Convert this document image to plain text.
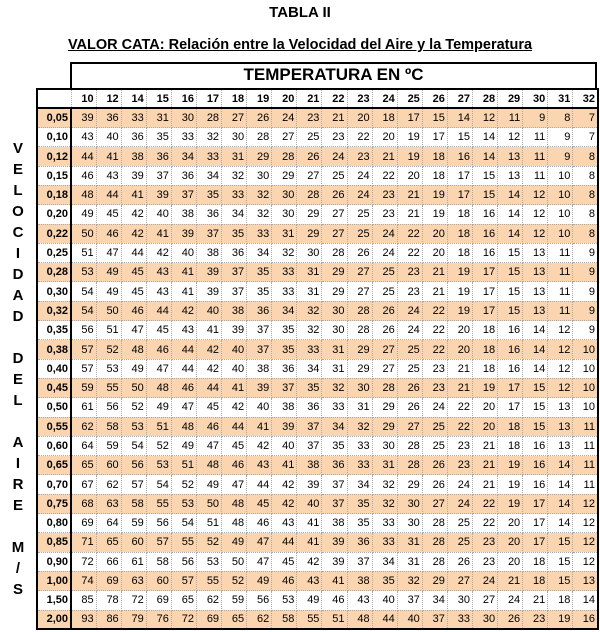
TABLA II
VALOR CATA: Relación entre la Velocidad del Aire y la Temperatura
TEMPERATURA EN ºC
V
E
L
O
C
I
D
A
D
D
E
L
A
I
R
E
M
/
S
	10	12	14	15	16	17	18	19	20	21	22	23	24	25	26	27	28	29	30	31	32
0,05	39	36	33	31	30	28	27	26	24	23	21	20	18	17	15	14	12	11	9	8	7
0,10	43	40	36	35	33	32	30	28	27	25	23	22	20	19	17	15	14	12	11	9	7
0,12	44	41	38	36	34	33	31	29	28	26	24	23	21	19	18	16	14	13	11	9	8
0,15	46	43	39	37	36	34	32	30	29	27	25	24	22	20	18	17	15	13	11	10	8
0,18	48	44	41	39	37	35	33	32	30	28	26	24	23	21	19	17	15	14	12	10	8
0,20	49	45	42	40	38	36	34	32	30	29	27	25	23	21	19	18	16	14	12	10	8
0,22	50	46	42	41	39	37	35	33	31	29	27	25	24	22	20	18	16	14	12	10	8
0,25	51	47	44	42	40	38	36	34	32	30	28	26	24	22	20	18	16	15	13	11	9
0,28	53	49	45	43	41	39	37	35	33	31	29	27	25	23	21	19	17	15	13	11	9
0,30	54	49	45	43	41	39	37	35	33	31	29	27	25	23	21	19	17	15	13	11	9
0,32	54	50	46	44	42	40	38	36	34	32	30	28	26	24	22	19	17	15	13	11	9
0,35	56	51	47	45	43	41	39	37	35	32	30	28	26	24	22	20	18	16	14	12	9
0,38	57	52	48	46	44	42	40	37	35	33	31	29	27	25	22	20	18	16	14	12	10
0,40	57	53	49	47	44	42	40	38	36	34	31	29	27	25	23	21	18	16	14	12	10
0,45	59	55	50	48	46	44	41	39	37	35	32	30	28	26	23	21	19	17	15	12	10
0,50	61	56	52	49	47	45	42	40	38	36	33	31	29	26	24	22	20	17	15	13	10
0,55	62	58	53	51	48	46	44	41	39	37	34	32	29	27	25	22	20	18	15	13	11
0,60	64	59	54	52	49	47	45	42	40	37	35	33	30	28	25	23	21	18	16	13	11
0,65	65	60	56	53	51	48	46	43	41	38	36	33	31	28	26	23	21	19	16	14	11
0,70	67	62	57	54	52	49	47	44	42	39	37	34	32	29	26	24	21	19	16	14	11
0,75	68	63	58	55	53	50	48	45	42	40	37	35	32	30	27	24	22	19	17	14	12
0,80	69	64	59	56	54	51	48	46	43	41	38	35	33	30	28	25	22	20	17	14	12
0,85	71	65	60	57	55	52	49	47	44	41	39	36	33	31	28	25	23	20	17	15	12
0,90	72	66	61	58	56	53	50	47	45	42	39	37	34	31	28	26	23	20	18	15	12
1,00	74	69	63	60	57	55	52	49	46	43	41	38	35	32	29	27	24	21	18	15	13
1,50	85	78	72	69	65	62	59	56	53	49	46	43	40	37	34	30	27	24	21	18	14
2,00	93	86	79	76	72	69	65	62	58	55	51	48	44	40	37	33	30	26	23	19	16
